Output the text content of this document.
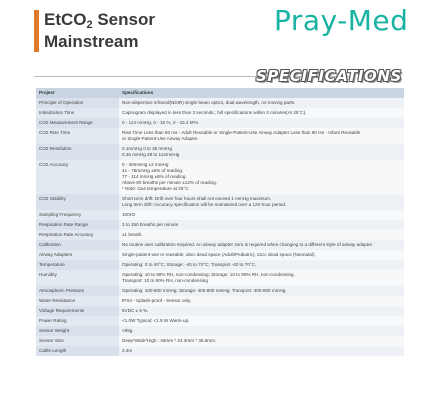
EtCO$_2$ Sensor
Mainstream
Pray-Med
SPECIFICATIONS
Project	Specifications
Principle of Operation	Non-dispersive infrared(NDIR) single beam optics, dual wavelength, no moving parts.
Initialization Time	Capnogram displayed in less than 3 seconds.; full specifications within 3 minutes(At 25°C).
CO2 Measurement Range	0 - 114 mmHg, 0 - 15 %, 0 - 15.2 kPa
CO2 Rise Time	Rise Time Less than 60 ms - Adult Reusable or Single-Patient-Use Airway Adapter Less than 60 ms - Infant Reusable
or Single-Patient-Use Airway Adapter.
CO2 Resolution	0.1mmHg 0 to 38 mmHg
0.25 mmHg 39 to 114mmHg
CO2 Accuracy	0 - 40mmHg ±2 mmHg
41 - 76mmHg ±5% of reading.
77 - 114 mmHg ±8% of reading.
Above 80 breaths per minute ±12% of reading.
* Note: Gas temperature at 25°C.
CO2 Stability	Short term drift: Drift over four hours shall not exceed 1 mmHg maximum.
Long term drift: Accuracy specification will be maintained over a 120-hour period.
Sampling Frequency	100Hz
Respiration Rate Range	3 to 150 breaths per minute
Respiration Rate Accuracy	±1 breath.
Calibration	No routine user calibration required. An airway adapter zero is required when changing to a different style of airway adapter
Airway Adapters	Single-patient-use or reusable; ≤5cc dead space (Adult/Pediatric), ≤1cc dead space (Neonatal).
Temperature	Operating: 0 to 40°C; Storage: -40 to 70°C; Transport -40 to 70°C.
Humidity	Operating: 10 to 90% RH, non-condensing; Storage: 10 to 90% RH, non-condensing.
Transport: 10 to 90% RH, non-condensing
Atmospheric Pressure	Operating: 430-800 mmHg; Storage: 400-800 mmHg; Transport: 400-800 mmHg.
Water Resistance	IPX4 - Splash-proof - Sensor only.
Voltage Requirements	5VDC ± 5 %.
Power Rating	<1.0W Typical; <1.9 W Warm-up.
Sensor Weight	<65g.
Sensor Size	Deep*Wide*High : 46mm * 24.3mm * 35.5mm.
Cable Length	2.4m
